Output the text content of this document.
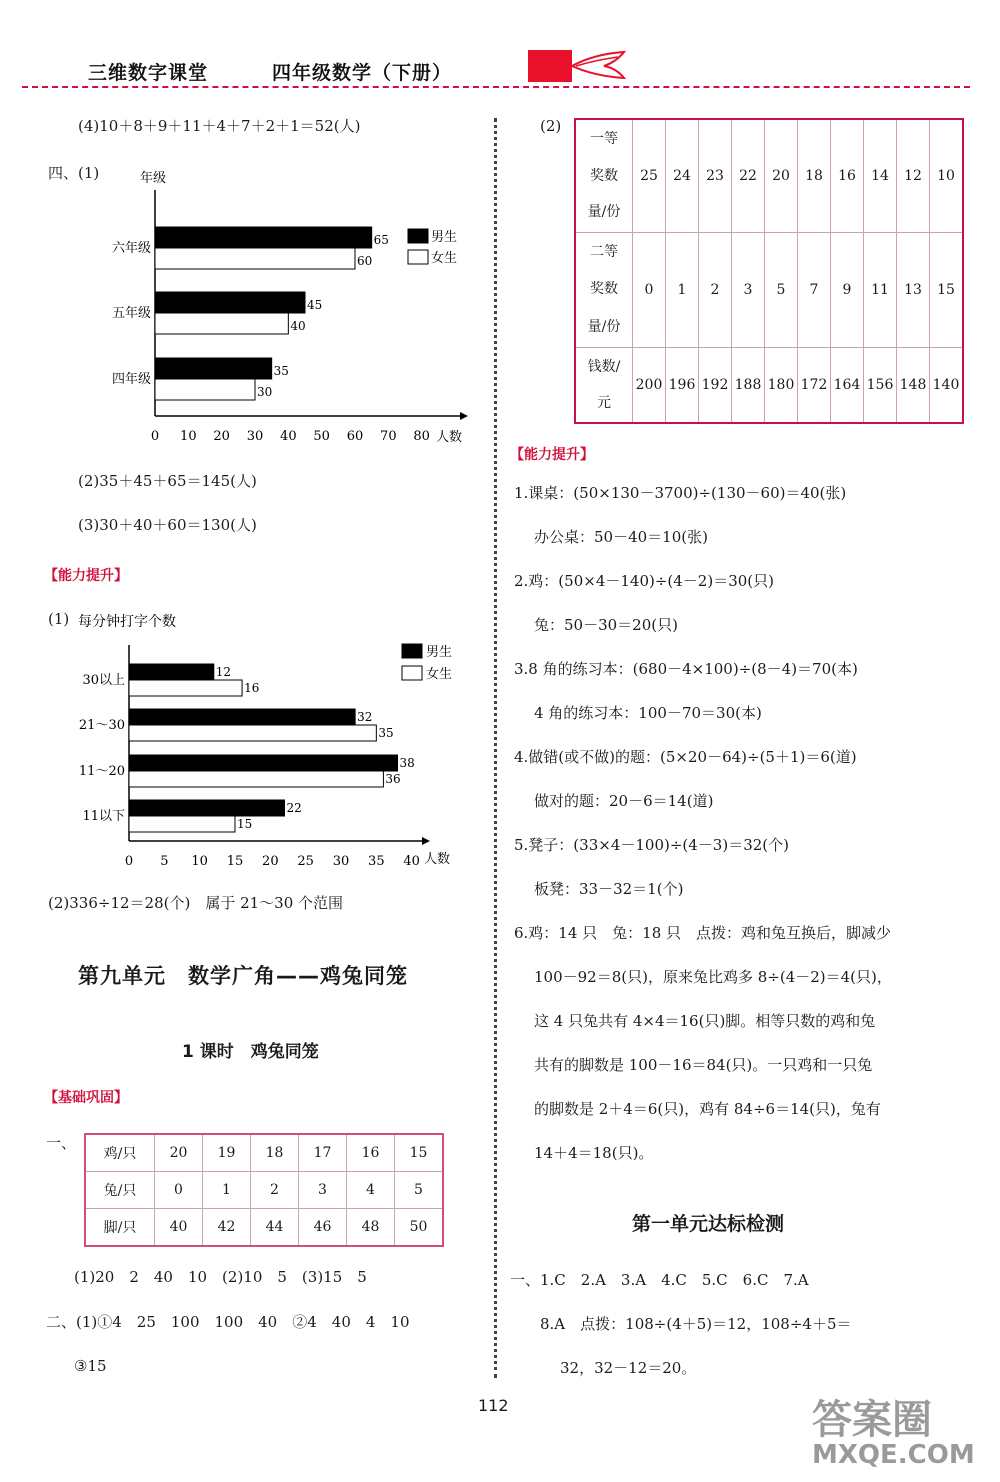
三维数字课堂	四年级数学（下册）
(4)10＋8＋9＋11＋4＋7＋2＋1＝52(人)
四、(1)	年级
六年级
65
60
五年级
45
40
四年级
35
30
0 10 20 30 40 50 60 70 80 人数
男生
女生
(2)35＋45＋65＝145(人)
(3)30＋40＋60＝130(人)
【能力提升】
(1) 每分钟打字个数
30以上
12
16
21～30
32
35
11～20
38
36
11以下
22
15
0 5 10 15 20 25 30 35 40 人数
男生
女生
(2)336÷12＝28(个)　属于 21～30 个范围
第九单元　数学广角——鸡兔同笼
1 课时　鸡兔同笼
【基础巩固】
一、
鸡/只	20	19	18	17	16	15
兔/只	0	1	2	3	4	5
脚/只	40	42	44	46	48	50
(1)20　2　40　10　(2)10　5　(3)15　5
二、(1)①4　25　100　100　40　②4　40　4　10
③15
(2)
一等
奖数
量/份	25	24	23	22	20	18	16	14	12	10

二等
奖数
量/份	0	1	2	3	5	7	9	11	13	15

钱数/
元	200	196	192	188	180	172	164	156	148	140
【能力提升】
1.课桌：(50×130－3700)÷(130－60)＝40(张)
办公桌：50－40＝10(张)
2.鸡：(50×4－140)÷(4－2)＝30(只)
兔：50－30＝20(只)
3.8 角的练习本：(680－4×100)÷(8－4)＝70(本)
4 角的练习本：100－70＝30(本)
4.做错(或不做)的题：(5×20－64)÷(5＋1)＝6(道)
做对的题：20－6＝14(道)
5.凳子：(33×4－100)÷(4－3)＝32(个)
板凳：33－32＝1(个)
6.鸡：14 只　兔：18 只　点拨：鸡和兔互换后，脚减少
100－92＝8(只)，原来兔比鸡多 8÷(4－2)＝4(只)，
这 4 只兔共有 4×4＝16(只)脚。相等只数的鸡和兔
共有的脚数是 100－16＝84(只)。一只鸡和一只兔
的脚数是 2＋4＝6(只)，鸡有 84÷6＝14(只)，兔有
14＋4＝18(只)。
第一单元达标检测
一、1.C　2.A　3.A　4.C　5.C　6.C　7.A
8.A　点拨：108÷(4＋5)＝12，108÷4＋5＝
32，32－12＝20。
112	答案圈
MXQE.COM
